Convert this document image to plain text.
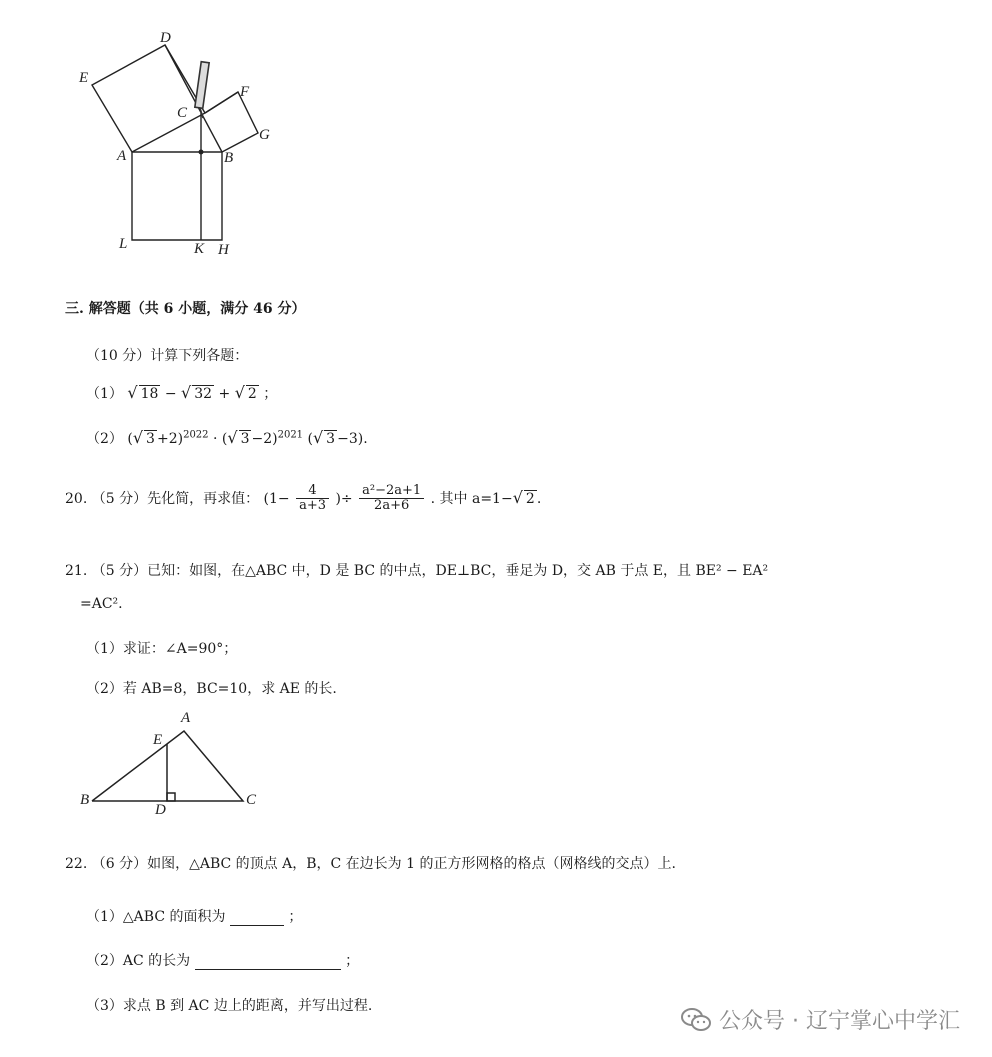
D
E
C
F
G
A	B
L	K H
三. 解答题（共 6 小题，满分 46 分）
（10 分）计算下列各题：
（1） √ 18 − √ 32 + √ 2 ；
（2） (√ 3 +2)$^{2022}$ · (√ 3 −2)$^{2021}$ (√ 3 −3).
20. （5 分）先化简，再求值： ($1- \frac{4}{a+3}$ )÷ $\frac{\text{a²−2a+1}}{2a+6}$ . 其中 a=1−√ 2 .
21. （5 分）已知：如图，在△ABC 中，D 是 BC 的中点，DE⊥BC，垂足为 D，交 AB 于点 E，且 BE² − EA²
=AC².
（1）求证：∠A=90°；
（2）若 AB=8，BC=10，求 AE 的长.
A
E
B
D
C
22. （6 分）如图，△ABC 的顶点 A，B，C 在边长为 1 的正方形网格的格点（网格线的交点）上.
（1）△ABC 的面积为	；
（2）AC 的长为	；
（3）求点 B 到 AC 边上的距离，并写出过程.
公众号 · 辽宁掌心中学汇
